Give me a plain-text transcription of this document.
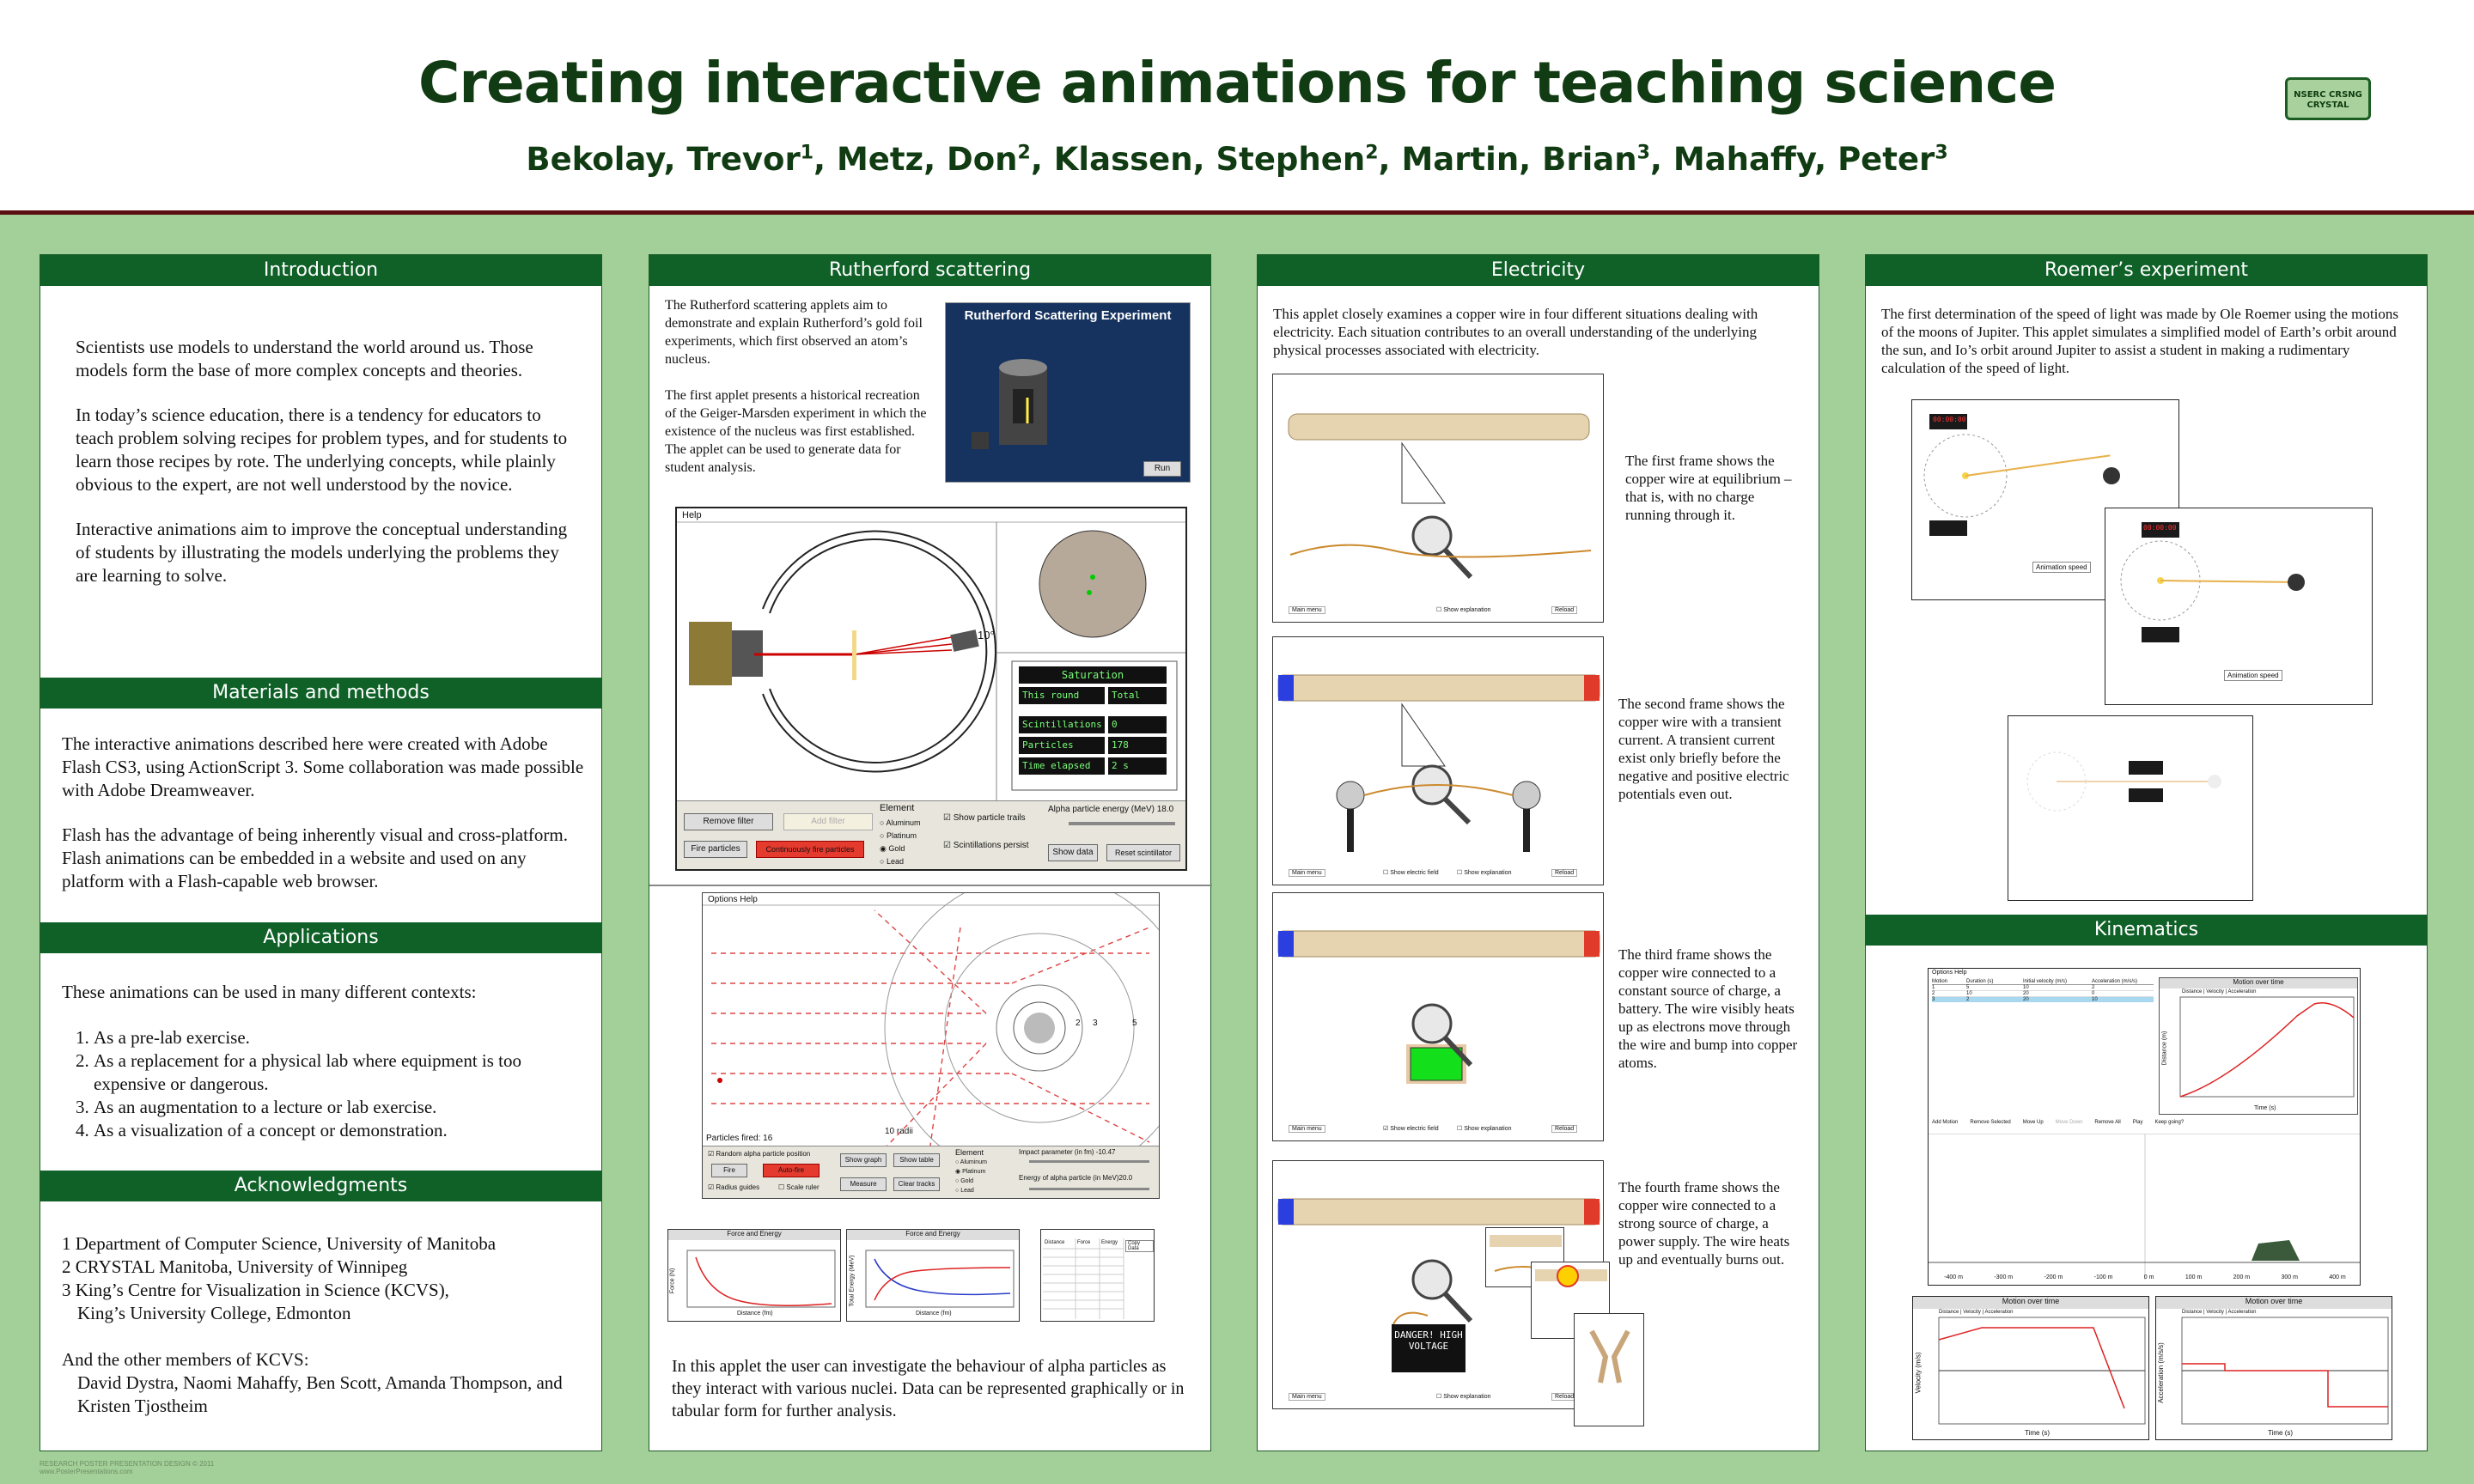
Creating interactive animations for teaching science
Bekolay, Trevor$^1$, Metz, Don$^2$, Klassen, Stephen$^2$, Martin, Brian$^3$, Mahaffy, Peter$^3$
NSERC CRSNG CRYSTAL
Introduction
Scientists use models to understand the world around us. Those models form the base of more complex concepts and theories.
In today’s science education, there is a tendency for educators to teach problem solving recipes for problem types, and for students to learn those recipes by rote. The underlying concepts, while plainly obvious to the expert, are not well understood by the novice.
Interactive animations aim to improve the conceptual understanding of students by illustrating the models underlying the problems they are learning to solve.
Materials and methods
The interactive animations described here were created with Adobe Flash CS3, using ActionScript 3. Some collaboration was made possible with Adobe Dreamweaver.
Flash has the advantage of being inherently visual and cross-platform. Flash animations can be embedded in a website and used on any platform with a Flash-capable web browser.
Applications
These animations can be used in many different contexts:
1. As a pre-lab exercise.
2. As a replacement for a physical lab where equipment is too expensive or dangerous.
3. As an augmentation to a lecture or lab exercise.
4. As a visualization of a concept or demonstration.
Acknowledgments
1 Department of Computer Science, University of Manitoba
2 CRYSTAL Manitoba, University of Winnipeg
3 King’s Centre for Visualization in Science (KCVS),
King’s University College, Edmonton
And the other members of KCVS:
David Dystra, Naomi Mahaffy, Ben Scott, Amanda Thompson, and Kristen Tjostheim
Rutherford scattering
The Rutherford scattering applets aim to demonstrate and explain Rutherford’s gold foil experiments, which first observed an atom’s nucleus.
The first applet presents a historical recreation of the Geiger-Marsden experiment in which the existence of the nucleus was first established. The applet can be used to generate data for student analysis.
Rutherford Scattering Experiment
Run
Help
10°
Saturation
This round	Total
Scintillations	0
Particles	178
Time elapsed	2 s
Remove filter	Add filter
Fire particles	Continuously fire particles
Element
○ Aluminum
○ Platinum
◉ Gold
○ Lead
☑ Show particle trails
☑ Scintillations persist
Alpha particle energy (MeV) 18.0
Show data	Reset scintillator
Options Help
2 3	5
10 radii
Particles fired: 16
☑ Random alpha particle position
Fire	Auto-fire
☑ Radius guides	☐ Scale ruler
Show graph	Show table
Measure	Clear tracks
Element
○ Aluminum
◉ Platinum
○ Gold
○ Lead
Impact parameter (in fm) -10.47
Energy of alpha particle (in MeV)20.0
Force and Energy
Distance (fm)
Force (N)
Force and Energy
Distance (fm)
Total Energy (MeV)
Distance Force Energy	Copy Data
In this applet the user can investigate the behaviour of alpha particles as they interact with various nuclei. Data can be represented graphically or in tabular form for further analysis.
Electricity
This applet closely examines a copper wire in four different situations dealing with electricity. Each situation contributes to an overall understanding of the underlying physical processes associated with electricity.
Main menu	☐ Show explanation	Reload
The first frame shows the copper wire at equilibrium – that is, with no charge running through it.
Main menu	☐ Show electric field	☐ Show explanation	Reload
The second frame shows the copper wire with a transient current. A transient current exist only briefly before the negative and positive electric potentials even out.
Main menu	☑ Show electric field	☐ Show explanation	Reload
The third frame shows the copper wire connected to a constant source of charge, a battery. The wire visibly heats up as electrons move through the wire and bump into copper atoms.
DANGER! HIGH VOLTAGE
Main menu	☐ Show explanation	Reload
The fourth frame shows the copper wire connected to a strong source of charge, a power supply. The wire heats up and eventually burns out.
Roemer’s experiment
The first determination of the speed of light was made by Ole Roemer using the motions of the moons of Jupiter. This applet simulates a simplified model of Earth’s orbit around the sun, and Io’s orbit around Jupiter to assist a student in making a rudimentary calculation of the speed of light.
00:00:00
Animation speed
00:00:00
Animation speed
Kinematics
Options Help
Motion	Duration (s)	Initial velocity (m/s)	Acceleration (m/s/s)
1	5	10	2
2	10	20	0
3	2	20	10
Motion over time
Distance | Velocity | Acceleration
Time (s)
Distance (m)
Add Motion Remove Selected Move Up Move Down Remove All Play Keep going?
-400 m	-300 m	-200 m	-100 m	0 m	100 m	200 m	300 m	400 m
Motion over time
Distance | Velocity | Acceleration
Time (s)
Velocity (m/s)
Motion over time
Distance | Velocity | Acceleration
Time (s)
Acceleration (m/s/s)
RESEARCH POSTER PRESENTATION DESIGN © 2011
www.PosterPresentations.com
